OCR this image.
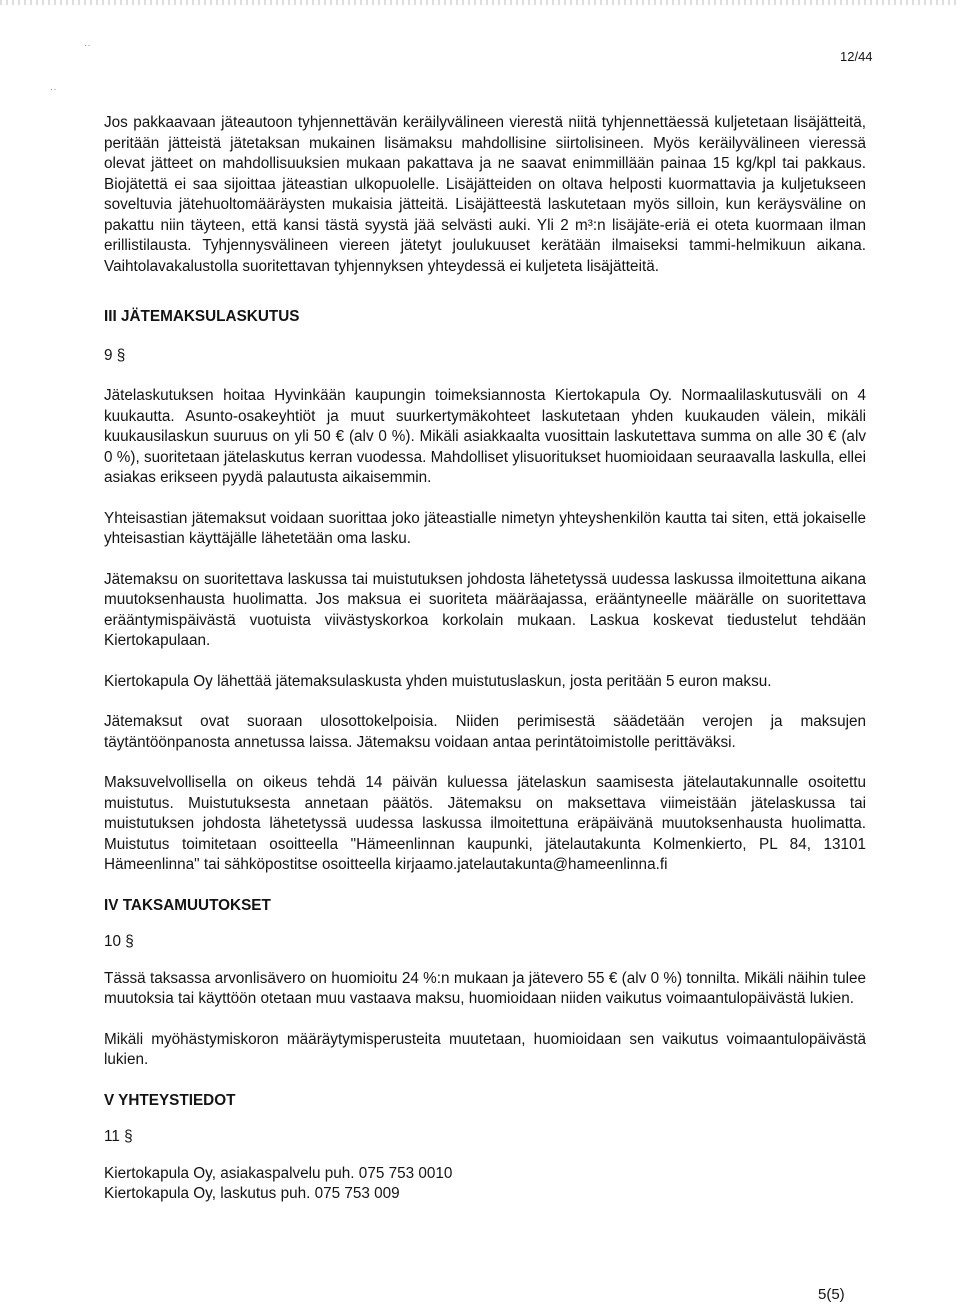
··
··
12/44

Jos pakkaavaan jäteautoon tyhjennettävän keräilyvälineen vierestä niitä tyhjennettäessä kuljetetaan lisäjätteitä, peritään jätteistä jätetaksan mukainen lisämaksu mahdollisine siirtolisineen. Myös keräilyvälineen vieressä olevat jätteet on mahdollisuuksien mukaan pakattava ja ne saavat enimmillään painaa 15 kg/kpl tai pakkaus. Biojätettä ei saa sijoittaa jäteastian ulkopuolelle. Lisäjätteiden on oltava helposti kuormattavia ja kuljetukseen soveltuvia jätehuoltomääräysten mukaisia jätteitä. Lisäjätteestä laskutetaan myös silloin, kun keräysväline on pakattu niin täyteen, että kansi tästä syystä jää selvästi auki. Yli 2 m³:n lisäjäte-eriä ei oteta kuormaan ilman erillistilausta. Tyhjennysvälineen viereen jätetyt joulukuuset kerätään ilmaiseksi tammi-helmikuun aikana. Vaihtolavakalustolla suoritettavan tyhjennyksen yhteydessä ei kuljeteta lisäjätteitä.

III JÄTEMAKSULASKUTUS

9 §

Jätelaskutuksen hoitaa Hyvinkään kaupungin toimeksiannosta Kiertokapula Oy. Normaalilaskutusväli on 4 kuukautta. Asunto-osakeyhtiöt ja muut suurkertymäkohteet laskutetaan yhden kuukauden välein, mikäli kuukausilaskun suuruus on yli 50 € (alv 0 %). Mikäli asiakkaalta vuosittain laskutettava summa on alle 30 € (alv 0 %), suoritetaan jätelaskutus kerran vuodessa. Mahdolliset ylisuoritukset huomioidaan seuraavalla laskulla, ellei asiakas erikseen pyydä palautusta aikaisemmin.

Yhteisastian jätemaksut voidaan suorittaa joko jäteastialle nimetyn yhteyshenkilön kautta tai siten, että jokaiselle yhteisastian käyttäjälle lähetetään oma lasku.

Jätemaksu on suoritettava laskussa tai muistutuksen johdosta lähetetyssä uudessa laskussa ilmoitettuna aikana muutoksenhausta huolimatta. Jos maksua ei suoriteta määräajassa, erääntyneelle määrälle on suoritettava erääntymispäivästä vuotuista viivästyskorkoa korkolain mukaan. Laskua koskevat tiedustelut tehdään Kiertokapulaan.

Kiertokapula Oy lähettää jätemaksulaskusta yhden muistutuslaskun, josta peritään 5 euron maksu.

Jätemaksut ovat suoraan ulosottokelpoisia. Niiden perimisestä säädetään verojen ja maksujen täytäntöönpanosta annetussa laissa. Jätemaksu voidaan antaa perintätoimistolle perittäväksi.

Maksuvelvollisella on oikeus tehdä 14 päivän kuluessa jätelaskun saamisesta jätelautakunnalle osoitettu muistutus. Muistutuksesta annetaan päätös. Jätemaksu on maksettava viimeistään jätelaskussa tai muistutuksen johdosta lähetetyssä uudessa laskussa ilmoitettuna eräpäivänä muutoksenhausta huolimatta. Muistutus toimitetaan osoitteella "Hämeenlinnan kaupunki, jätelautakunta Kolmenkierto, PL 84, 13101 Hämeenlinna" tai sähköpostitse osoitteella kirjaamo.jatelautakunta@hameenlinna.fi

IV TAKSAMUUTOKSET

10 §

Tässä taksassa arvonlisävero on huomioitu 24 %:n mukaan ja jätevero 55 € (alv 0 %) tonnilta. Mikäli näihin tulee muutoksia tai käyttöön otetaan muu vastaava maksu, huomioidaan niiden vaikutus voimaantulopäivästä lukien.

Mikäli myöhästymiskoron määräytymisperusteita muutetaan, huomioidaan sen vaikutus voimaantulopäivästä lukien.

V YHTEYSTIEDOT

11 §

Kiertokapula Oy, asiakaspalvelu puh. 075 753 0010

Kiertokapula Oy, laskutus puh. 075 753 009

5(5)
